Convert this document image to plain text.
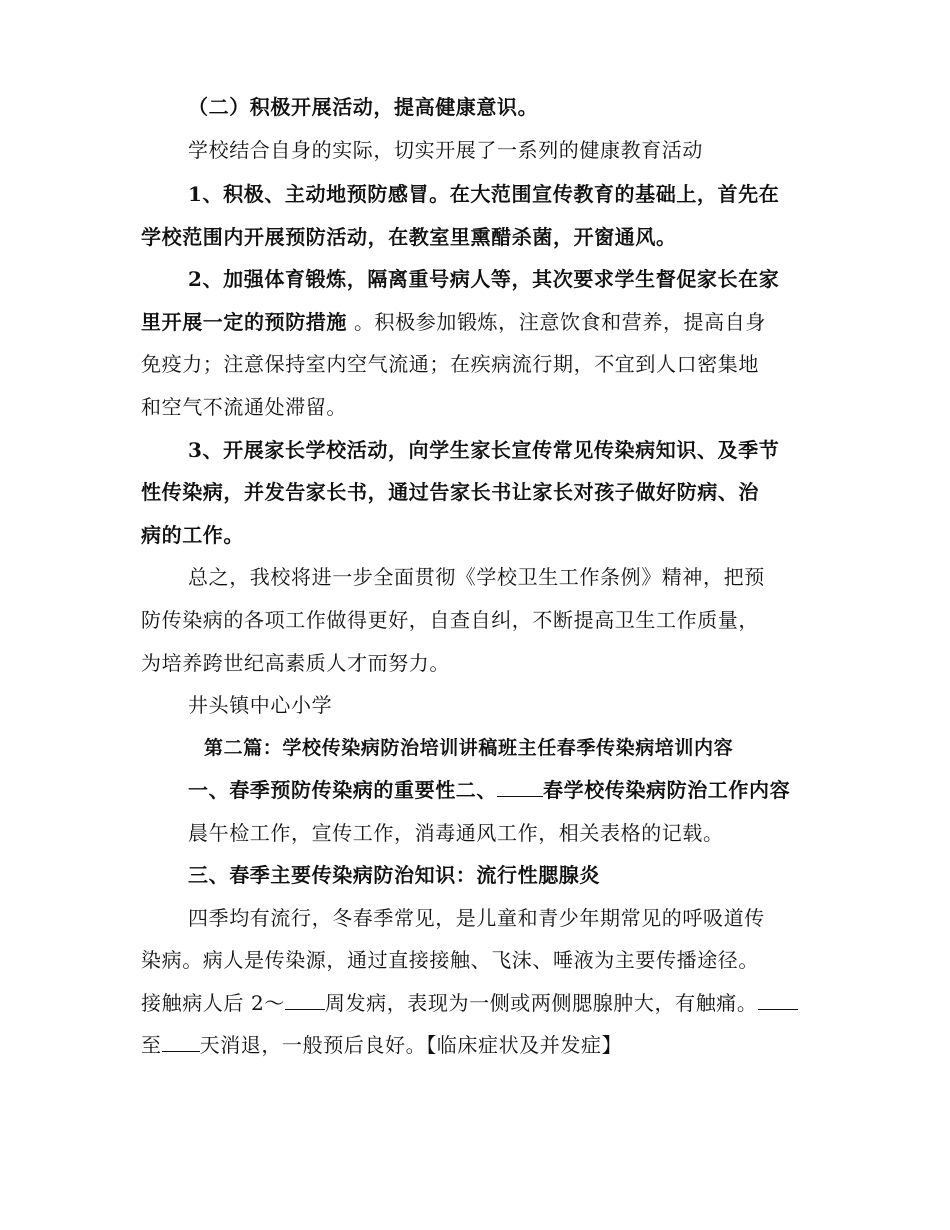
（二）积极开展活动，提高健康意识。
学校结合自身的实际，切实开展了一系列的健康教育活动
1、积极、主动地预防感冒。在大范围宣传教育的基础上，首先在
学校范围内开展预防活动，在教室里熏醋杀菌，开窗通风。
2、加强体育锻炼，隔离重号病人等，其次要求学生督促家长在家
里开展一定的预防措施 。积极参加锻炼，注意饮食和营养，提高自身
免疫力；注意保持室内空气流通；在疾病流行期，不宜到人口密集地
和空气不流通处滞留。
3、开展家长学校活动，向学生家长宣传常见传染病知识、及季节
性传染病，并发告家长书，通过告家长书让家长对孩子做好防病、治
病的工作。
总之，我校将进一步全面贯彻《学校卫生工作条例》精神，把预
防传染病的各项工作做得更好，自查自纠，不断提高卫生工作质量，
为培养跨世纪高素质人才而努力。
井头镇中心小学
第二篇：学校传染病防治培训讲稿班主任春季传染病培训内容
一、春季预防传染病的重要性二、 春学校传染病防治工作内容
晨午检工作，宣传工作，消毒通风工作，相关表格的记载。
三、春季主要传染病防治知识：流行性腮腺炎
四季均有流行，冬春季常见，是儿童和青少年期常见的呼吸道传
染病。病人是传染源，通过直接接触、飞沫、唾液为主要传播途径。
接触病人后 2～ 周发病，表现为一侧或两侧腮腺肿大，有触痛。
至 天消退，一般预后良好。【临床症状及并发症】
